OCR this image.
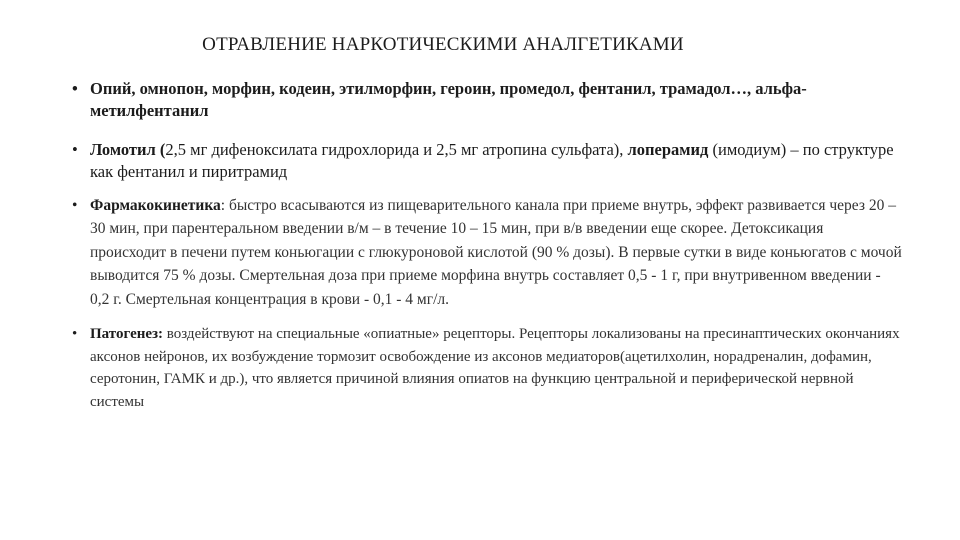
ОТРАВЛЕНИЕ НАРКОТИЧЕСКИМИ АНАЛГЕТИКАМИ
• Опий, омнопон, морфин, кодеин, этилморфин, героин, промедол, фентанил, трамадол…, альфа-метилфентанил
• Ломотил (2,5 мг дифеноксилата гидрохлорида и 2,5 мг атропина сульфата), лоперамид (имодиум) – по структуре как фентанил и пиритрамид
• Фармакокинетика: быстро всасываются из пищеварительного канала при приеме внутрь, эффект развивается через 20 – 30 мин, при парентеральном введении в/м – в течение 10 – 15 мин, при в/в введении еще скорее. Детоксикация происходит в печени путем коньюгации с глюкуроновой кислотой (90 % дозы). В первые сутки в виде коньюгатов с мочой выводится 75 % дозы. Смертельная доза при приеме морфина внутрь составляет 0,5 - 1 г, при внутривенном введении - 0,2 г. Смертельная концентрация в крови - 0,1 - 4 мг/л.
• Патогенез: воздействуют на специальные «опиатные» рецепторы. Рецепторы локализованы на пресинаптических окончаниях аксонов нейронов, их возбуждение тормозит освобождение из аксонов медиаторов(ацетилхолин, норадреналин, дофамин, серотонин, ГАМК и др.), что является причиной влияния опиатов на функцию центральной и периферической нервной системы
